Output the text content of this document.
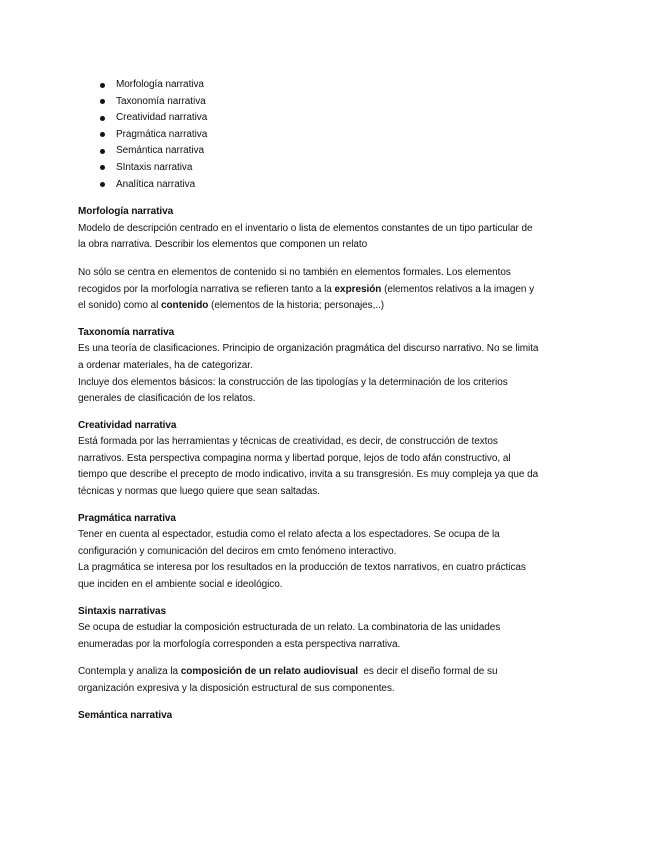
Morfología narrativa
Taxonomía narrativa
Creatividad narrativa
Pragmática narrativa
Semántica narrativa
SIntaxis narrativa
Analítica narrativa
Morfología narrativa

Modelo de descripción centrado en el inventario o lista de elementos constantes de un tipo particular de
la obra narrativa. Describir los elementos que componen un relato

No sólo se centra en elementos de contenido si no también en elementos formales. Los elementos
recogidos por la morfología narrativa se refieren tanto a la expresión (elementos relativos a la imagen y
el sonido) como al contenido (elementos de la historia; personajes,..)

Taxonomía narrativa

Es una teoría de clasificaciones. Principio de organización pragmática del discurso narrativo. No se limita
a ordenar materiales, ha de categorizar.
Incluye dos elementos básicos: la construcción de las tipologías y la determinación de los criterios
generales de clasificación de los relatos.

Creatividad narrativa

Está formada por las herramientas y técnicas de creatividad, es decir, de construcción de textos
narrativos. Esta perspectiva compagina norma y libertad porque, lejos de todo afán constructivo, al
tiempo que describe el precepto de modo indicativo, invita a su transgresión. Es muy compleja ya que da
técnicas y normas que luego quiere que sean saltadas.

Pragmática narrativa

Tener en cuenta al espectador, estudia como el relato afecta a los espectadores. Se ocupa de la
configuración y comunicación del deciros em cmto fenómeno interactivo.
La pragmática se interesa por los resultados en la producción de textos narrativos, en cuatro prácticas
que inciden en el ambiente social e ideológico.

Sintaxis narrativas

Se ocupa de estudiar la composición estructurada de un relato. La combinatoria de las unidades
enumeradas por la morfología corresponden a esta perspectiva narrativa.

Contempla y analiza la composición de un relato audiovisual  es decir el diseño formal de su
organización expresiva y la disposición estructural de sus componentes.

Semántica narrativa
